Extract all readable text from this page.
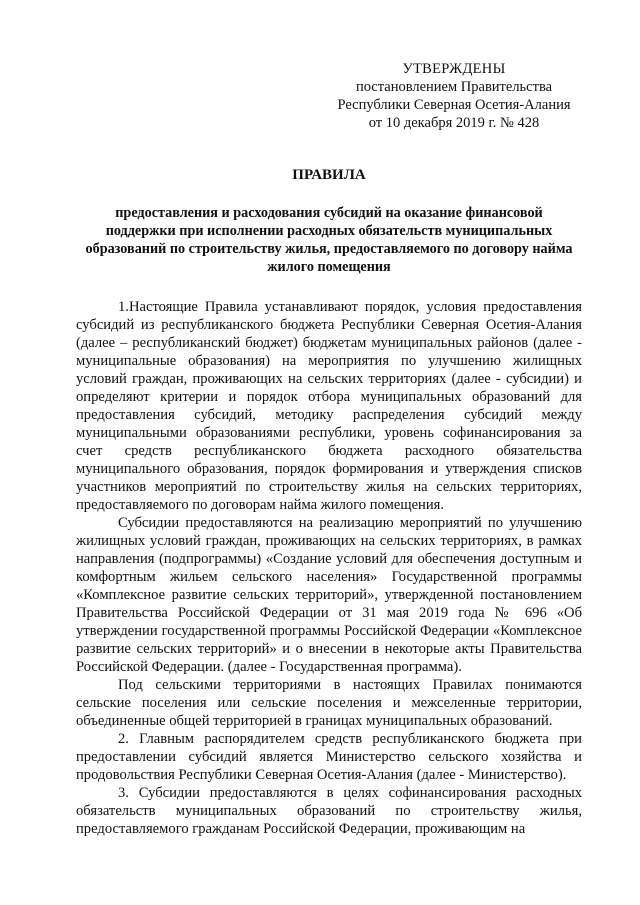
УТВЕРЖДЕНЫ
постановлением Правительства
Республики Северная Осетия-Алания
от 10 декабря 2019 г. № 428
ПРАВИЛА
предоставления и расходования субсидий на оказание финансовой поддержки при исполнении расходных обязательств муниципальных образований по строительству жилья, предоставляемого по договору найма жилого помещения

1.Настоящие Правила устанавливают порядок, условия предоставления субсидий из республиканского бюджета Республики Северная Осетия-Алания (далее – республиканский бюджет) бюджетам муниципальных районов (далее - муниципальные образования) на мероприятия по улучшению жилищных условий граждан, проживающих на сельских территориях (далее - субсидии) и определяют критерии и порядок отбора муниципальных образований для предоставления субсидий, методику распределения субсидий между муниципальными образованиями республики, уровень софинансирования за счет средств республиканского бюджета расходного обязательства муниципального образования, порядок формирования и утверждения списков участников мероприятий по строительству жилья на сельских территориях, предоставляемого по договорам найма жилого помещения.

Субсидии предоставляются на реализацию мероприятий по улучшению жилищных условий граждан, проживающих на сельских территориях, в рамках направления (подпрограммы) «Создание условий для обеспечения доступным и комфортным жильем сельского населения» Государственной программы «Комплексное развитие сельских территорий», утвержденной постановлением Правительства Российской Федерации от 31 мая 2019 года № 696 «Об утверждении государственной программы Российской Федерации «Комплексное развитие сельских территорий» и о внесении в некоторые акты Правительства Российской Федерации. (далее - Государственная программа).

Под сельскими территориями в настоящих Правилах понимаются сельские поселения или сельские поселения и межселенные территории, объединенные общей территорией в границах муниципальных образований.

2. Главным распорядителем средств республиканского бюджета при предоставлении субсидий является Министерство сельского хозяйства и продовольствия Республики Северная Осетия-Алания (далее - Министерство).

3. Субсидии предоставляются в целях софинансирования расходных обязательств муниципальных образований по строительству жилья, предоставляемого гражданам Российской Федерации, проживающим на
